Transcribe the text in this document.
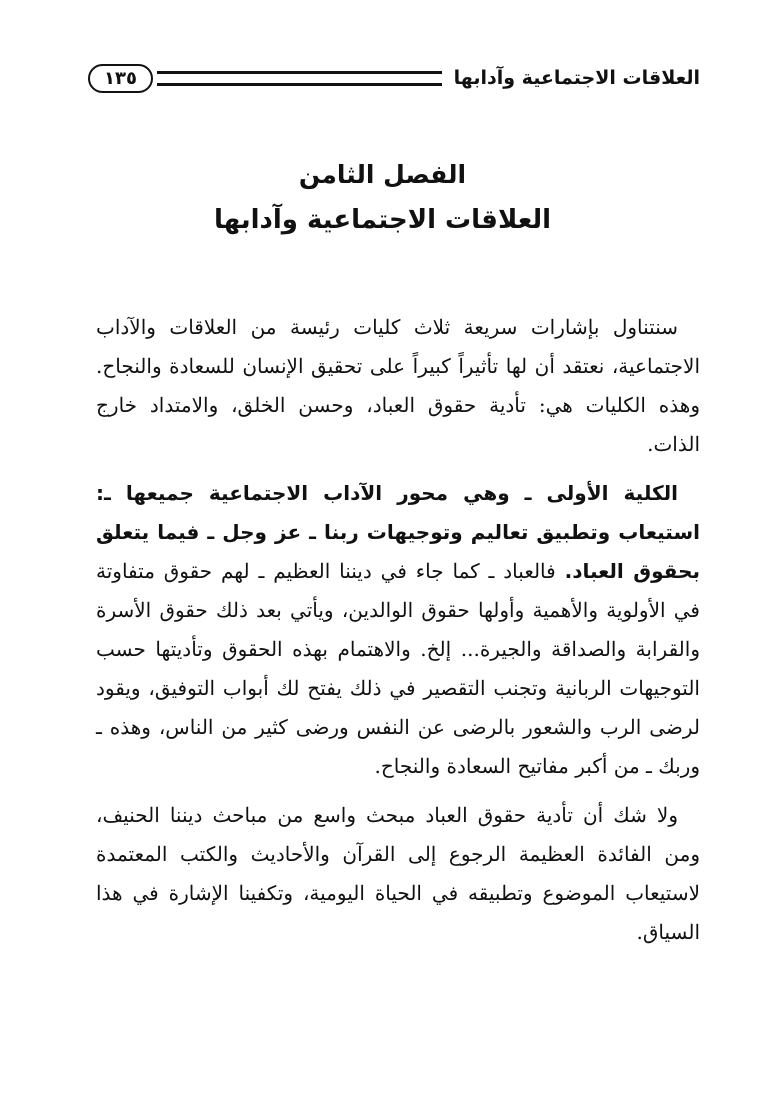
العلاقات الاجتماعية وآدابها
١٣٥
الفصل الثامن
العلاقات الاجتماعية وآدابها

سنتناول بإشارات سريعة ثلاث كليات رئيسة من العلاقات والآداب الاجتماعية، نعتقد أن لها تأثيراً كبيراً على تحقيق الإنسان للسعادة والنجاح. وهذه الكليات هي: تأدية حقوق العباد، وحسن الخلق، والامتداد خارج الذات.

الكلية الأولى ـ وهي محور الآداب الاجتماعية جميعها ـ: استيعاب وتطبيق تعاليم وتوجيهات ربنا ـ عز وجل ـ فيما يتعلق بحقوق العباد. فالعباد ـ كما جاء في ديننا العظيم ـ لهم حقوق متفاوتة في الأولوية والأهمية وأولها حقوق الوالدين، ويأتي بعد ذلك حقوق الأسرة والقرابة والصداقة والجيرة... إلخ. والاهتمام بهذه الحقوق وتأديتها حسب التوجيهات الربانية وتجنب التقصير في ذلك يفتح لك أبواب التوفيق، ويقود لرضى الرب والشعور بالرضى عن النفس ورضى كثير من الناس، وهذه ـ وربك ـ من أكبر مفاتيح السعادة والنجاح.

ولا شك أن تأدية حقوق العباد مبحث واسع من مباحث ديننا الحنيف، ومن الفائدة العظيمة الرجوع إلى القرآن والأحاديث والكتب المعتمدة لاستيعاب الموضوع وتطبيقه في الحياة اليومية، وتكفينا الإشارة في هذا السياق.
